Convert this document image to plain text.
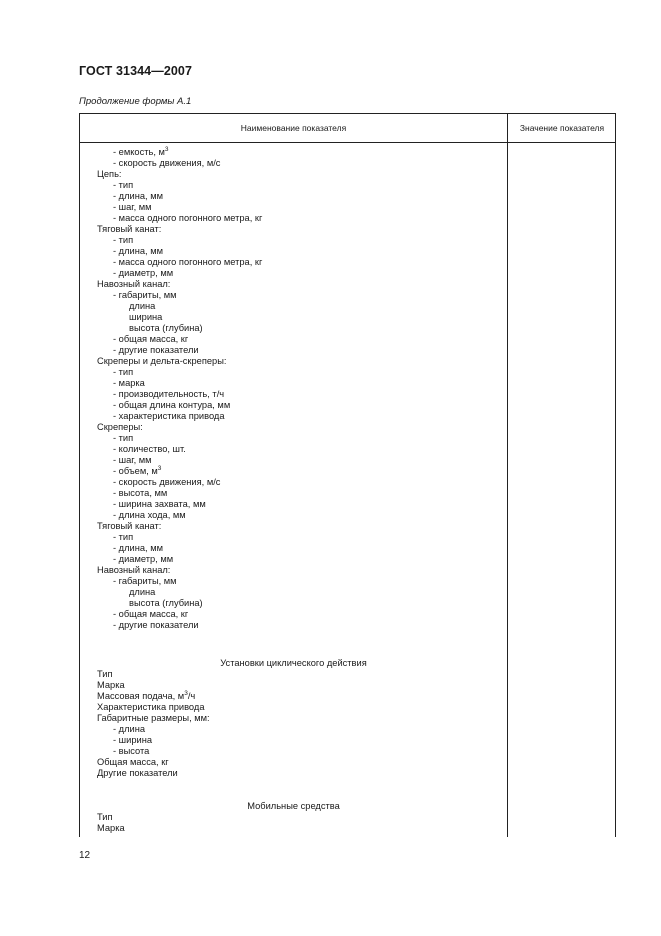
ГОСТ 31344—2007
Продолжение формы А.1
Наименование показателя	Значение показателя
- емкость, $м^3$
- скорость движения, м/с
Цепь:
- тип
- длина, мм
- шаг, мм
- масса одного погонного метра, кг
Тяговый канат:
- тип
- длина, мм
- масса одного погонного метра, кг
- диаметр, мм
Навозный канал:
- габариты, мм
длина
ширина
высота (глубина)
- общая масса, кг
- другие показатели
Скреперы и дельта-скреперы:
- тип
- марка
- производительность, т/ч
- общая длина контура, мм
- характеристика привода
Скреперы:
- тип
- количество, шт.
- шаг, мм
- объем, $м^3$
- скорость движения, м/с
- высота, мм
- ширина захвата, мм
- длина хода, мм
Тяговый канат:
- тип
- длина, мм
- диаметр, мм
Навозный канал:
- габариты, мм
длина
высота (глубина)
- общая масса, кг
- другие показатели
Установки циклического действия
Тип
Марка
Массовая подача, $м^3/ч$
Характеристика привода
Габаритные размеры, мм:
- длина
- ширина
- высота
Общая масса, кг
Другие показатели
Мобильные средства
Тип
Марка
12
